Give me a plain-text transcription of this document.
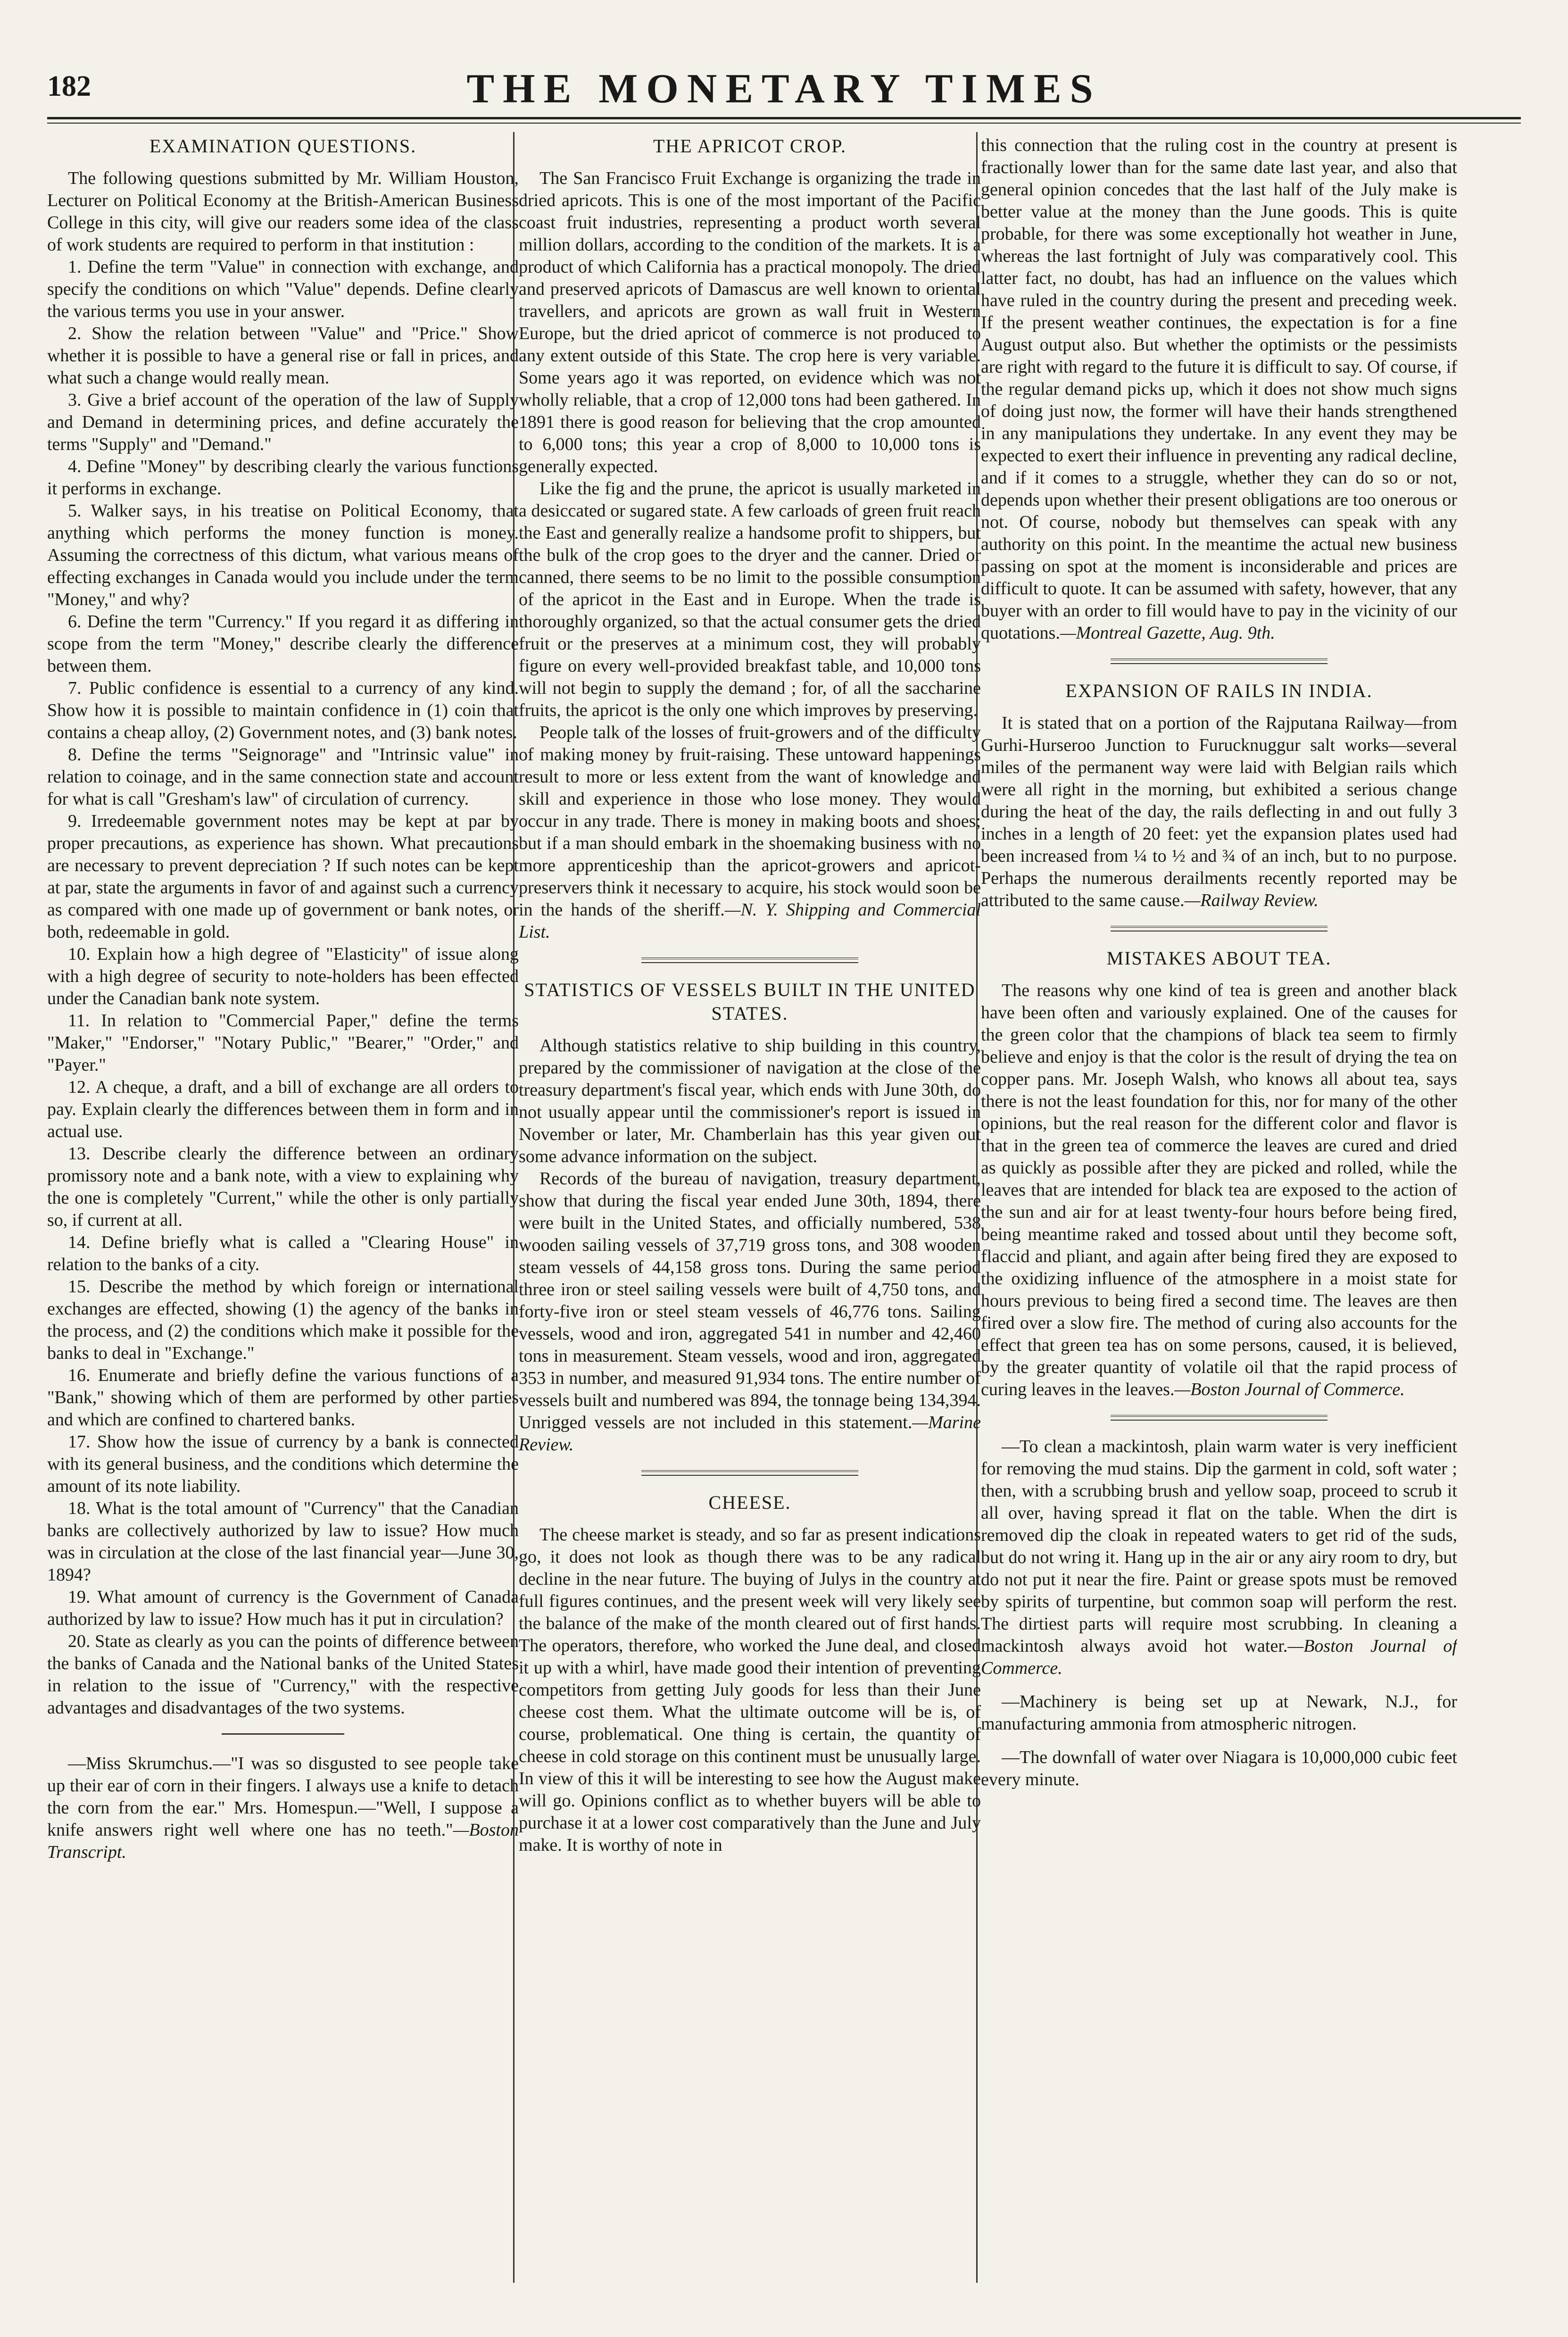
182	THE MONETARY TIMES
EXAMINATION QUESTIONS.

The following questions submitted by Mr. William Houston, Lecturer on Political Economy at the British-American Business College in this city, will give our readers some idea of the class of work students are required to perform in that institution :

1. Define the term "Value" in connection with exchange, and specify the conditions on which "Value" depends. Define clearly the various terms you use in your answer.

2. Show the relation between "Value" and "Price." Show whether it is possible to have a general rise or fall in prices, and what such a change would really mean.

3. Give a brief account of the operation of the law of Supply and Demand in determining prices, and define accurately the terms "Supply" and "Demand."

4. Define "Money" by describing clearly the various functions it performs in exchange.

5. Walker says, in his treatise on Political Economy, that anything which performs the money function is money. Assuming the correctness of this dictum, what various means of effecting exchanges in Canada would you include under the term "Money," and why?

6. Define the term "Currency." If you regard it as differing in scope from the term "Money," describe clearly the difference between them.

7. Public confidence is essential to a currency of any kind. Show how it is possible to maintain confidence in (1) coin that contains a cheap alloy, (2) Government notes, and (3) bank notes.

8. Define the terms "Seignorage" and "Intrinsic value" in relation to coinage, and in the same connection state and account for what is call "Gresham's law" of circulation of currency.

9. Irredeemable government notes may be kept at par by proper precautions, as experience has shown. What precautions are necessary to prevent depreciation ? If such notes can be kept at par, state the arguments in favor of and against such a currency as compared with one made up of government or bank notes, or both, redeemable in gold.

10. Explain how a high degree of "Elasticity" of issue along with a high degree of security to note-holders has been effected under the Canadian bank note system.

11. In relation to "Commercial Paper," define the terms "Maker," "Endorser," "Notary Public," "Bearer," "Order," and "Payer."

12. A cheque, a draft, and a bill of exchange are all orders to pay. Explain clearly the differences between them in form and in actual use.

13. Describe clearly the difference between an ordinary promissory note and a bank note, with a view to explaining why the one is completely "Current," while the other is only partially so, if current at all.

14. Define briefly what is called a "Clearing House" in relation to the banks of a city.

15. Describe the method by which foreign or international exchanges are effected, showing (1) the agency of the banks in the process, and (2) the conditions which make it possible for the banks to deal in "Exchange."

16. Enumerate and briefly define the various functions of a "Bank," showing which of them are performed by other parties and which are confined to chartered banks.

17. Show how the issue of currency by a bank is connected with its general business, and the conditions which determine the amount of its note liability.

18. What is the total amount of "Currency" that the Canadian banks are collectively authorized by law to issue? How much was in circulation at the close of the last financial year—June 30, 1894?

19. What amount of currency is the Government of Canada authorized by law to issue? How much has it put in circulation?

20. State as clearly as you can the points of difference between the banks of Canada and the National banks of the United States in relation to the issue of "Currency," with the respective advantages and disadvantages of the two systems.

—Miss Skrumchus.—"I was so disgusted to see people take up their ear of corn in their fingers. I always use a knife to detach the corn from the ear." Mrs. Homespun.—"Well, I suppose a knife answers right well where one has no teeth."—Boston Transcript.

THE APRICOT CROP.

The San Francisco Fruit Exchange is organizing the trade in dried apricots. This is one of the most important of the Pacific coast fruit industries, representing a product worth several million dollars, according to the condition of the markets. It is a product of which California has a practical monopoly. The dried and preserved apricots of Damascus are well known to oriental travellers, and apricots are grown as wall fruit in Western Europe, but the dried apricot of commerce is not produced to any extent outside of this State. The crop here is very variable. Some years ago it was reported, on evidence which was not wholly reliable, that a crop of 12,000 tons had been gathered. In 1891 there is good reason for believing that the crop amounted to 6,000 tons; this year a crop of 8,000 to 10,000 tons is generally expected.

Like the fig and the prune, the apricot is usually marketed in a desiccated or sugared state. A few carloads of green fruit reach the East and generally realize a handsome profit to shippers, but the bulk of the crop goes to the dryer and the canner. Dried or canned, there seems to be no limit to the possible consumption of the apricot in the East and in Europe. When the trade is thoroughly organized, so that the actual consumer gets the dried fruit or the preserves at a minimum cost, they will probably figure on every well-provided breakfast table, and 10,000 tons will not begin to supply the demand ; for, of all the saccharine fruits, the apricot is the only one which improves by preserving.

People talk of the losses of fruit-growers and of the difficulty of making money by fruit-raising. These untoward happenings result to more or less extent from the want of knowledge and skill and experience in those who lose money. They would occur in any trade. There is money in making boots and shoes; but if a man should embark in the shoemaking business with no more apprenticeship than the apricot-growers and apricot-preservers think it necessary to acquire, his stock would soon be in the hands of the sheriff.—N. Y. Shipping and Commercial List.

STATISTICS OF VESSELS BUILT IN THE UNITED STATES.

Although statistics relative to ship building in this country, prepared by the commissioner of navigation at the close of the treasury department's fiscal year, which ends with June 30th, do not usually appear until the commissioner's report is issued in November or later, Mr. Chamberlain has this year given out some advance information on the subject.

Records of the bureau of navigation, treasury department, show that during the fiscal year ended June 30th, 1894, there were built in the United States, and officially numbered, 538 wooden sailing vessels of 37,719 gross tons, and 308 wooden steam vessels of 44,158 gross tons. During the same period three iron or steel sailing vessels were built of 4,750 tons, and forty-five iron or steel steam vessels of 46,776 tons. Sailing vessels, wood and iron, aggregated 541 in number and 42,460 tons in measurement. Steam vessels, wood and iron, aggregated 353 in number, and measured 91,934 tons. The entire number of vessels built and numbered was 894, the tonnage being 134,394. Unrigged vessels are not included in this statement.—Marine Review.

CHEESE.

The cheese market is steady, and so far as present indications go, it does not look as though there was to be any radical decline in the near future. The buying of Julys in the country at full figures continues, and the present week will very likely see the balance of the make of the month cleared out of first hands. The operators, therefore, who worked the June deal, and closed it up with a whirl, have made good their intention of preventing competitors from getting July goods for less than their June cheese cost them. What the ultimate outcome will be is, of course, problematical. One thing is certain, the quantity of cheese in cold storage on this continent must be unusually large. In view of this it will be interesting to see how the August make will go. Opinions conflict as to whether buyers will be able to purchase it at a lower cost comparatively than the June and July make. It is worthy of note in

this connection that the ruling cost in the country at present is fractionally lower than for the same date last year, and also that general opinion concedes that the last half of the July make is better value at the money than the June goods. This is quite probable, for there was some exceptionally hot weather in June, whereas the last fortnight of July was comparatively cool. This latter fact, no doubt, has had an influence on the values which have ruled in the country during the present and preceding week. If the present weather continues, the expectation is for a fine August output also. But whether the optimists or the pessimists are right with regard to the future it is difficult to say. Of course, if the regular demand picks up, which it does not show much signs of doing just now, the former will have their hands strengthened in any manipulations they undertake. In any event they may be expected to exert their influence in preventing any radical decline, and if it comes to a struggle, whether they can do so or not, depends upon whether their present obligations are too onerous or not. Of course, nobody but themselves can speak with any authority on this point. In the meantime the actual new business passing on spot at the moment is inconsiderable and prices are difficult to quote. It can be assumed with safety, however, that any buyer with an order to fill would have to pay in the vicinity of our quotations.—Montreal Gazette, Aug. 9th.

EXPANSION OF RAILS IN INDIA.

It is stated that on a portion of the Rajputana Railway—from Gurhi-Hurseroo Junction to Furucknuggur salt works—several miles of the permanent way were laid with Belgian rails which were all right in the morning, but exhibited a serious change during the heat of the day, the rails deflecting in and out fully 3 inches in a length of 20 feet: yet the expansion plates used had been increased from ¼ to ½ and ¾ of an inch, but to no purpose. Perhaps the numerous derailments recently reported may be attributed to the same cause.—Railway Review.

MISTAKES ABOUT TEA.

The reasons why one kind of tea is green and another black have been often and variously explained. One of the causes for the green color that the champions of black tea seem to firmly believe and enjoy is that the color is the result of drying the tea on copper pans. Mr. Joseph Walsh, who knows all about tea, says there is not the least foundation for this, nor for many of the other opinions, but the real reason for the different color and flavor is that in the green tea of commerce the leaves are cured and dried as quickly as possible after they are picked and rolled, while the leaves that are intended for black tea are exposed to the action of the sun and air for at least twenty-four hours before being fired, being meantime raked and tossed about until they become soft, flaccid and pliant, and again after being fired they are exposed to the oxidizing influence of the atmosphere in a moist state for hours previous to being fired a second time. The leaves are then fired over a slow fire. The method of curing also accounts for the effect that green tea has on some persons, caused, it is believed, by the greater quantity of volatile oil that the rapid process of curing leaves in the leaves.—Boston Journal of Commerce.

—To clean a mackintosh, plain warm water is very inefficient for removing the mud stains. Dip the garment in cold, soft water ; then, with a scrubbing brush and yellow soap, proceed to scrub it all over, having spread it flat on the table. When the dirt is removed dip the cloak in repeated waters to get rid of the suds, but do not wring it. Hang up in the air or any airy room to dry, but do not put it near the fire. Paint or grease spots must be removed by spirits of turpentine, but common soap will perform the rest. The dirtiest parts will require most scrubbing. In cleaning a mackintosh always avoid hot water.—Boston Journal of Commerce.

—Machinery is being set up at Newark, N.J., for manufacturing ammonia from atmospheric nitrogen.

—The downfall of water over Niagara is 10,000,000 cubic feet every minute.
